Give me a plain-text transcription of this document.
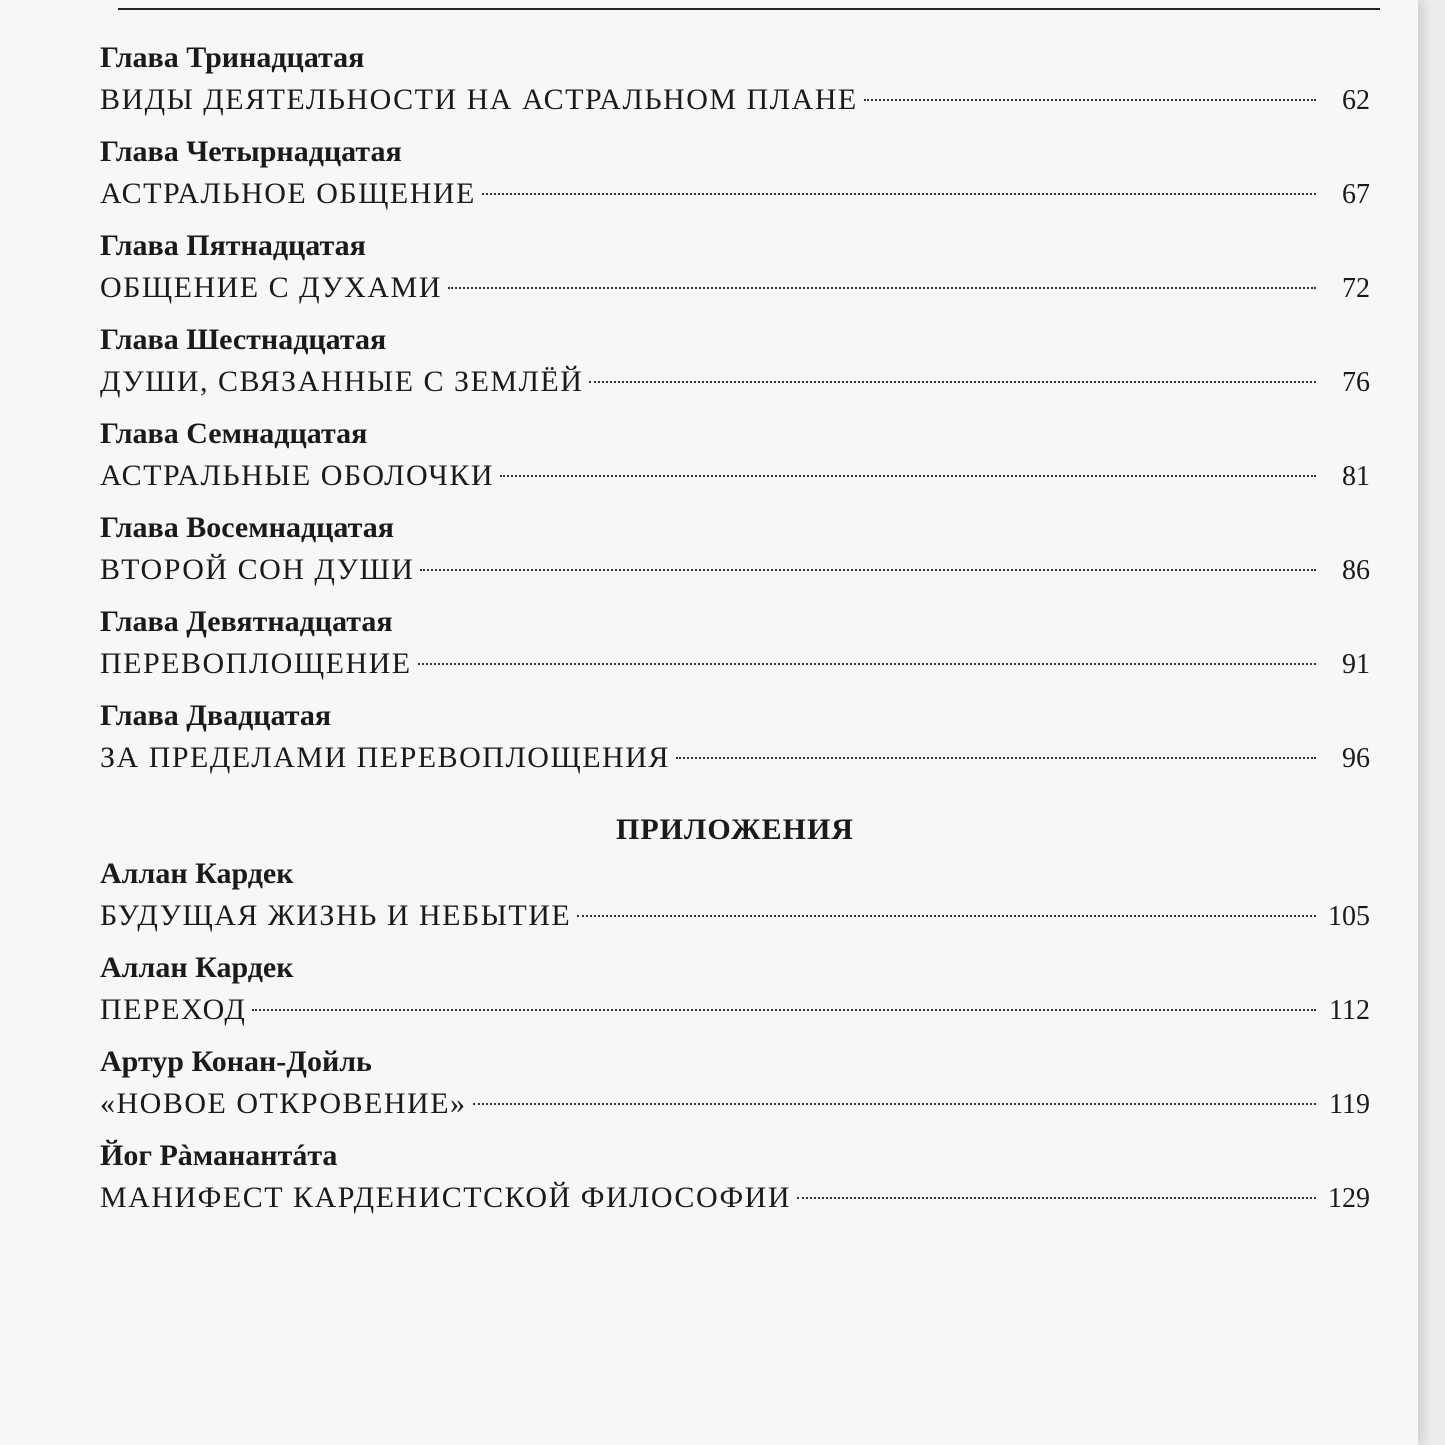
Глава Тринадцатая
ВИДЫ ДЕЯТЕЛЬНОСТИ НА АСТРАЛЬНОМ ПЛАНЕ	62
Глава Четырнадцатая
АСТРАЛЬНОЕ ОБЩЕНИЕ	67
Глава Пятнадцатая
ОБЩЕНИЕ С ДУХАМИ	72
Глава Шестнадцатая
ДУШИ, СВЯЗАННЫЕ С ЗЕМЛЁЙ	76
Глава Семнадцатая
АСТРАЛЬНЫЕ ОБОЛОЧКИ	81
Глава Восемнадцатая
ВТОРОЙ СОН ДУШИ	86
Глава Девятнадцатая
ПЕРЕВОПЛОЩЕНИЕ	91
Глава Двадцатая
ЗА ПРЕДЕЛАМИ ПЕРЕВОПЛОЩЕНИЯ	96
ПРИЛОЖЕНИЯ
Аллан Кардек
БУДУЩАЯ ЖИЗНЬ И НЕБЫТИЕ	105
Аллан Кардек
ПЕРЕХОД	112
Артур Конан-Дойль
«НОВОЕ ОТКРОВЕНИЕ»	119
Йог Рàманантáта
МАНИФЕСТ КАРДЕНИСТСКОЙ ФИЛОСОФИИ	129
